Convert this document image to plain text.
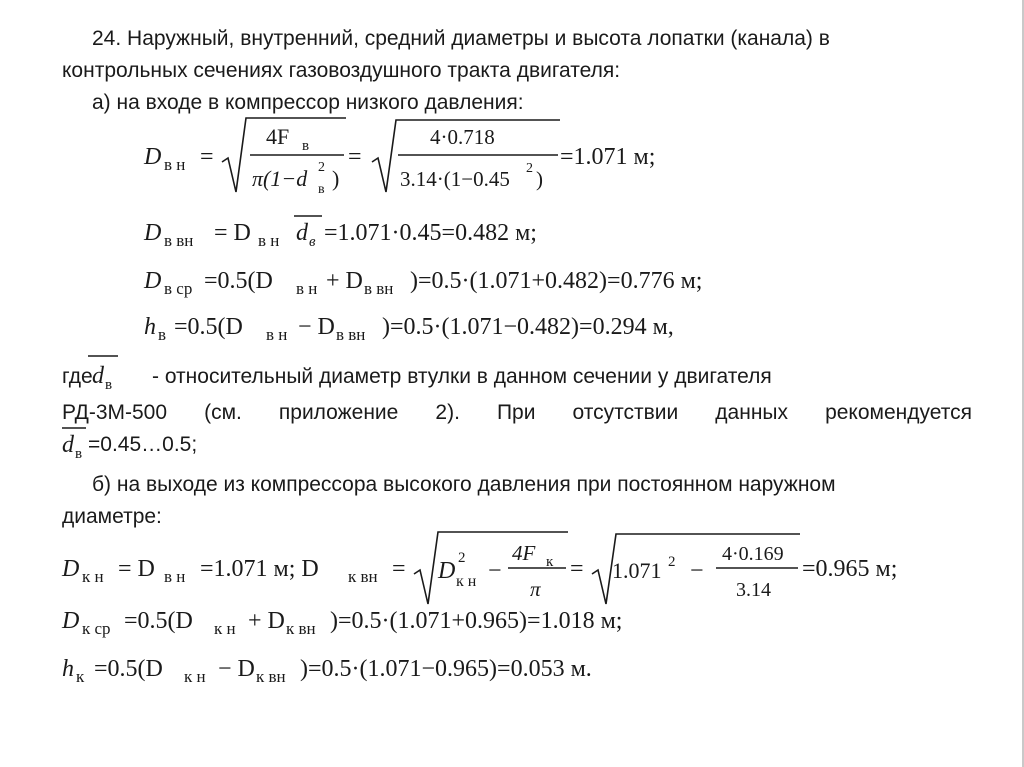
24. Наружный, внутренний, средний диаметры и высота лопатки (канала) в
контрольных сечениях газовоздушного тракта двигателя:
а) на входе в компрессор низкого давления:
где	- относительный диаметр втулки в данном сечении у двигателя
РД-3М-500 (см. приложение 2). При отсутствии данных рекомендуется
=0.45…0.5;
б) на выходе из компрессора высокого давления при постоянном наружном
диаметре:
D в н =
4F в
π(1−d 2
в )
=
4·0.718
3.14·(1−0.45 2 )
=1.071 м;
D в вн = D в н d в =1.071·0.45=0.482 м;
D в ср =0.5(D в н + D в вн )=0.5·(1.071+0.482)=0.776 м;
h в =0.5(D в н − D в вн )=0.5·(1.071−0.482)=0.294 м,
d в
d в
D к н = D в н =1.071 м; D к вн = D 2
к н −
4F к
π
= 1.071 2 −
4·0.169
3.14
=0.965 м;
D к ср =0.5(D к н + D к вн )=0.5·(1.071+0.965)=1.018 м;
h к =0.5(D к н − D к вн )=0.5·(1.071−0.965)=0.053 м.
